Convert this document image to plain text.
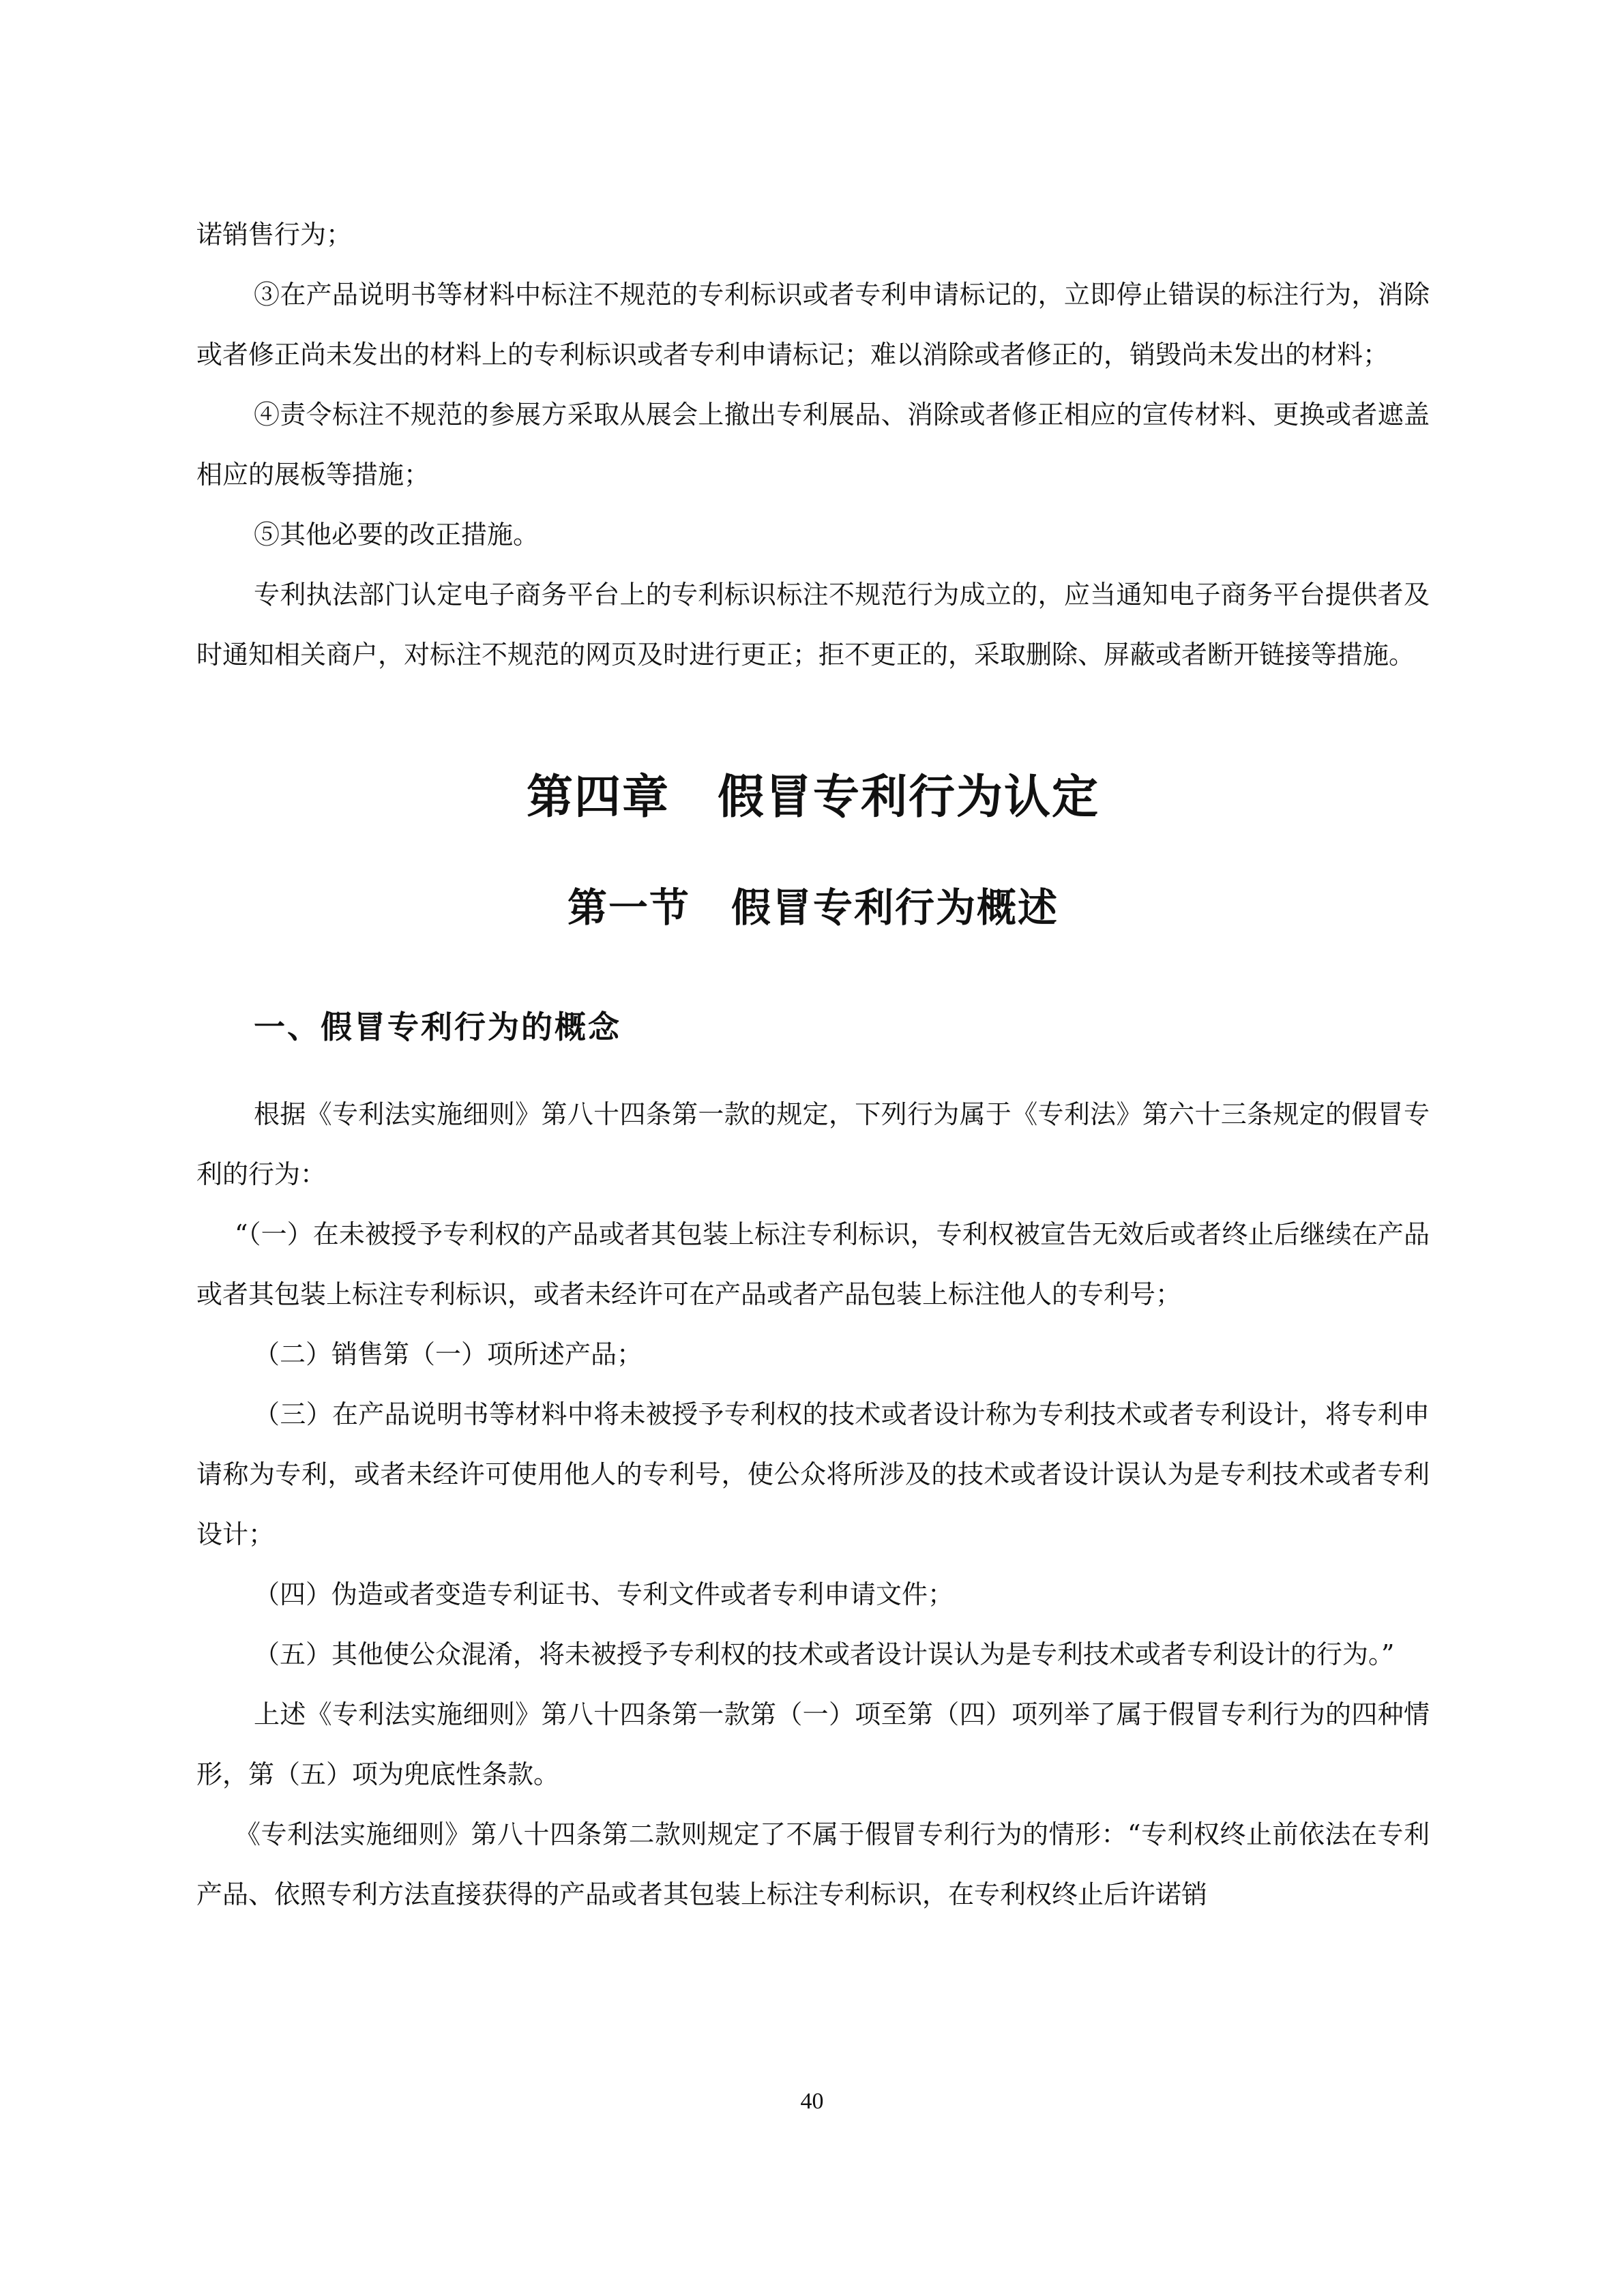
诺销售行为；

③在产品说明书等材料中标注不规范的专利标识或者专利申请标记的，立即停止错误的标注行为，消除或者修正尚未发出的材料上的专利标识或者专利申请标记；难以消除或者修正的，销毁尚未发出的材料；

④责令标注不规范的参展方采取从展会上撤出专利展品、消除或者修正相应的宣传材料、更换或者遮盖相应的展板等措施；

⑤其他必要的改正措施。

专利执法部门认定电子商务平台上的专利标识标注不规范行为成立的，应当通知电子商务平台提供者及时通知相关商户，对标注不规范的网页及时进行更正；拒不更正的，采取删除、屏蔽或者断开链接等措施。

第四章　假冒专利行为认定
第一节　假冒专利行为概述
一、假冒专利行为的概念

根据《专利法实施细则》第八十四条第一款的规定，下列行为属于《专利法》第六十三条规定的假冒专利的行为：

“（一）在未被授予专利权的产品或者其包装上标注专利标识，专利权被宣告无效后或者终止后继续在产品或者其包装上标注专利标识，或者未经许可在产品或者产品包装上标注他人的专利号；

（二）销售第（一）项所述产品；

（三）在产品说明书等材料中将未被授予专利权的技术或者设计称为专利技术或者专利设计，将专利申请称为专利，或者未经许可使用他人的专利号，使公众将所涉及的技术或者设计误认为是专利技术或者专利设计；

（四）伪造或者变造专利证书、专利文件或者专利申请文件；

（五）其他使公众混淆，将未被授予专利权的技术或者设计误认为是专利技术或者专利设计的行为。”

上述《专利法实施细则》第八十四条第一款第（一）项至第（四）项列举了属于假冒专利行为的四种情形，第（五）项为兜底性条款。

《专利法实施细则》第八十四条第二款则规定了不属于假冒专利行为的情形：“专利权终止前依法在专利产品、依照专利方法直接获得的产品或者其包装上标注专利标识，在专利权终止后许诺销

40
